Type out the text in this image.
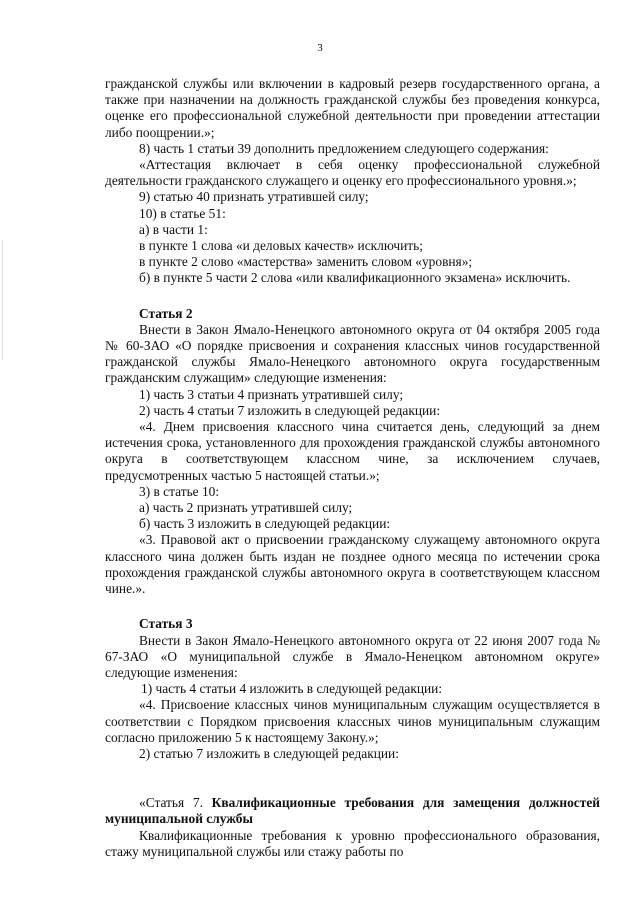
3

гражданской службы или включении в кадровый резерв государственного органа, а также при назначении на должность гражданской службы без проведения конкурса, оценке его профессиональной служебной деятельности при проведении аттестации либо поощрении.»;

8) часть 1 статьи 39 дополнить предложением следующего содержания:

«Аттестация включает в себя оценку профессиональной служебной деятельности гражданского служащего и оценку его профессионального уровня.»;

9) статью 40 признать утратившей силу;

10) в статье 51:

а) в части 1:

в пункте 1 слова «и деловых качеств» исключить;

в пункте 2 слово «мастерства» заменить словом «уровня»;

б) в пункте 5 части 2 слова «или квалификационного экзамена» исключить.

Статья 2

Внести в Закон Ямало-Ненецкого автономного округа от 04 октября 2005 года № 60-ЗАО «О порядке присвоения и сохранения классных чинов государственной гражданской службы Ямало-Ненецкого автономного округа государственным гражданским служащим» следующие изменения:

1) часть 3 статьи 4 признать утратившей силу;

2) часть 4 статьи 7 изложить в следующей редакции:

«4. Днем присвоения классного чина считается день, следующий за днем истечения срока, установленного для прохождения гражданской службы автономного округа в соответствующем классном чине, за исключением случаев, предусмотренных частью 5 настоящей статьи.»;

3) в статье 10:

а) часть 2 признать утратившей силу;

б) часть 3 изложить в следующей редакции:

«3. Правовой акт о присвоении гражданскому служащему автономного округа классного чина должен быть издан не позднее одного месяца по истечении срока прохождения гражданской службы автономного округа в соответствующем классном чине.».

Статья 3

Внести в Закон Ямало-Ненецкого автономного округа от 22 июня 2007 года № 67-ЗАО «О муниципальной службе в Ямало-Ненецком автономном округе» следующие изменения:

1) часть 4 статьи 4 изложить в следующей редакции:

«4. Присвоение классных чинов муниципальным служащим осуществляется в соответствии с Порядком присвоения классных чинов муниципальным служащим согласно приложению 5 к настоящему Закону.»;

2) статью 7 изложить в следующей редакции:

«Статья 7. Квалификационные требования для замещения должностей муниципальной службы

Квалификационные требования к уровню профессионального образования, стажу муниципальной службы или стажу работы по
